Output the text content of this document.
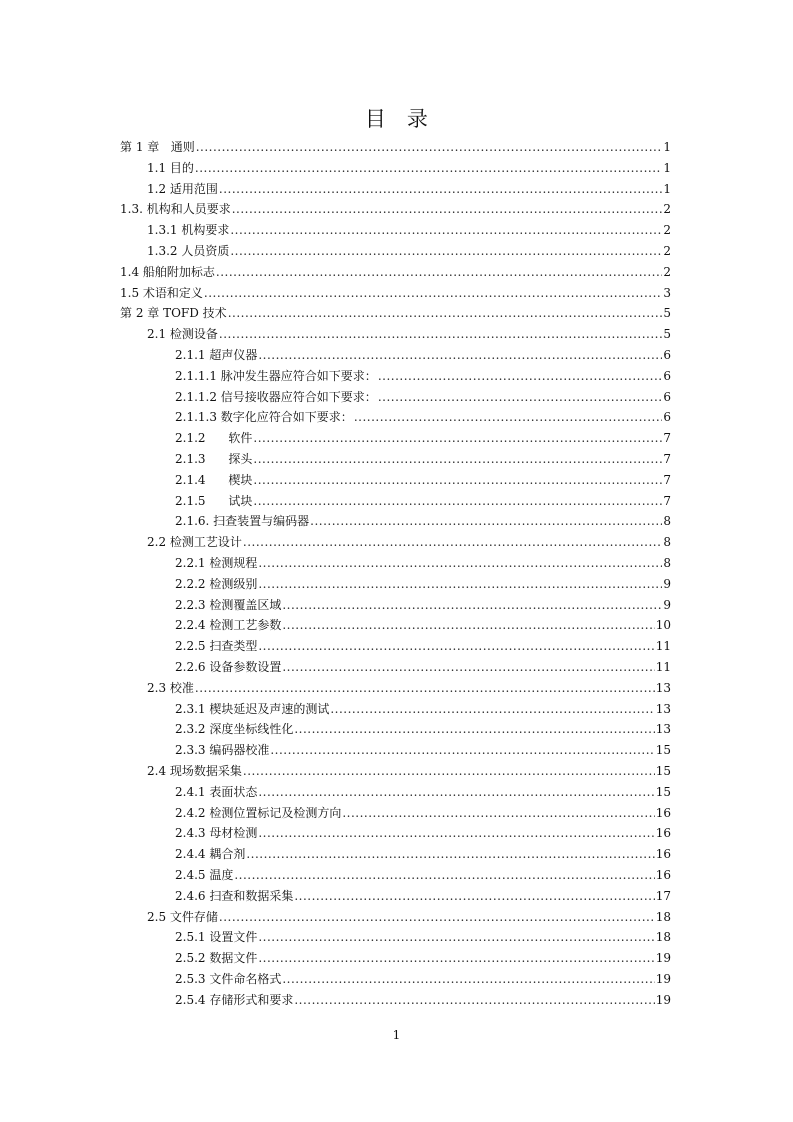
目 录
第 1 章   通则 .....	1
1.1 目的 .....	1
1.2 适用范围 .....	1
1.3. 机构和人员要求 .....	2
1.3.1 机构要求 .....	2
1.3.2 人员资质 .....	2
1.4 船舶附加标志 .....	2
1.5 术语和定义 .....	3
第 2 章 TOFD 技术 .....	5
2.1 检测设备 .....	5
2.1.1 超声仪器 .....	6
2.1.1.1 脉冲发生器应符合如下要求： .....	6
2.1.1.2 信号接收器应符合如下要求： .....	6
2.1.1.3 数字化应符合如下要求： .....	6
2.1.2      软件 .....	7
2.1.3      探头 .....	7
2.1.4      楔块 .....	7
2.1.5      试块 .....	7
2.1.6. 扫查装置与编码器 .....	8
2.2 检测工艺设计 .....	8
2.2.1 检测规程 .....	8
2.2.2 检测级别 .....	9
2.2.3 检测覆盖区域 .....	9
2.2.4 检测工艺参数 .....	10
2.2.5 扫查类型 .....	11
2.2.6 设备参数设置 .....	11
2.3 校准 .....	13
2.3.1 楔块延迟及声速的测试 .....	13
2.3.2 深度坐标线性化 .....	13
2.3.3 编码器校准 .....	15
2.4 现场数据采集 .....	15
2.4.1 表面状态 .....	15
2.4.2 检测位置标记及检测方向 .....	16
2.4.3 母材检测 .....	16
2.4.4 耦合剂 .....	16
2.4.5 温度 .....	16
2.4.6 扫查和数据采集 .....	17
2.5 文件存储 .....	18
2.5.1 设置文件 .....	18
2.5.2 数据文件 .....	19
2.5.3 文件命名格式 .....	19
2.5.4 存储形式和要求 .....	19
1
